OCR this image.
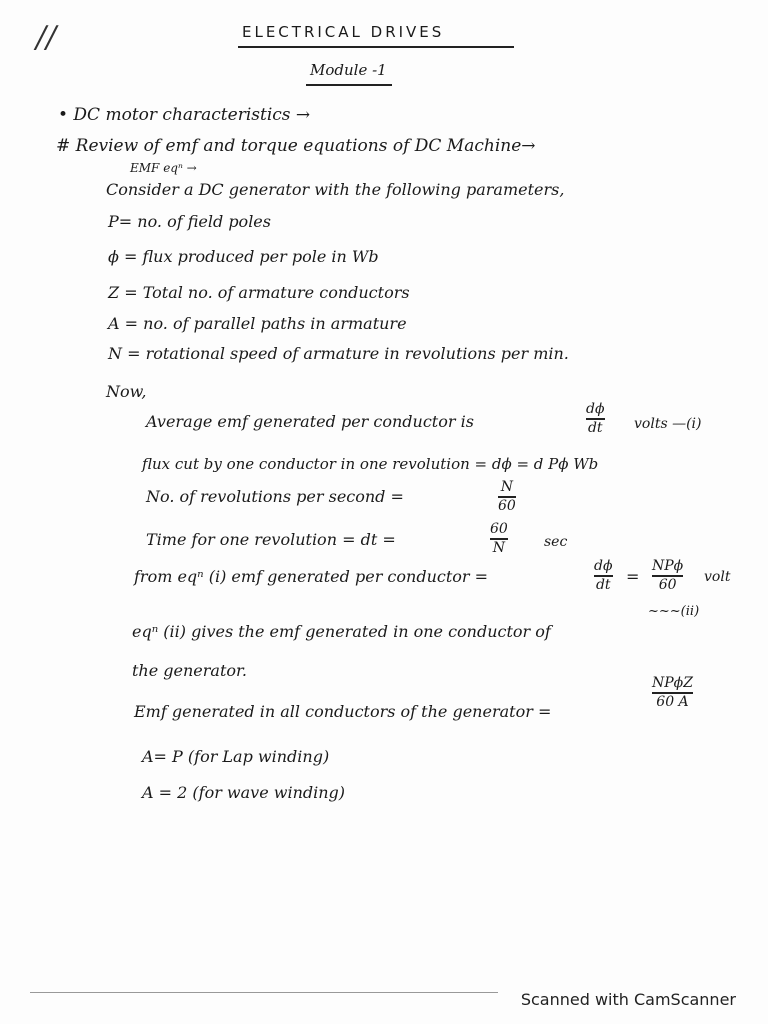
//	ELECTRICAL DRIVES
Module -1
• DC motor characteristics →
# Review of emf and torque equations of DC Machine→
EMF eqⁿ →
Consider a DC generator with the following parameters,
P= no. of field poles
ϕ = flux produced per pole in Wb
Z = Total no. of armature conductors
A = no. of parallel paths in armature
N = rotational speed of armature in revolutions per min.
Now,
Average emf generated per conductor is
dϕ
dt volts —(i)
flux cut by one conductor in one revolution = dϕ = d Pϕ Wb
No. of revolutions per second =	N
60
Time for one revolution = dt =
60
N	sec
from eqⁿ (i) emf generated per conductor =
dϕ
dt =
NPϕ
60 volt
~~~(ii)
eqⁿ (ii) gives the emf generated in one conductor of
the generator.
Emf generated in all conductors of the generator =
NPϕZ
60 A
A= P (for Lap winding)
A = 2 (for wave winding)
Scanned with CamScanner
